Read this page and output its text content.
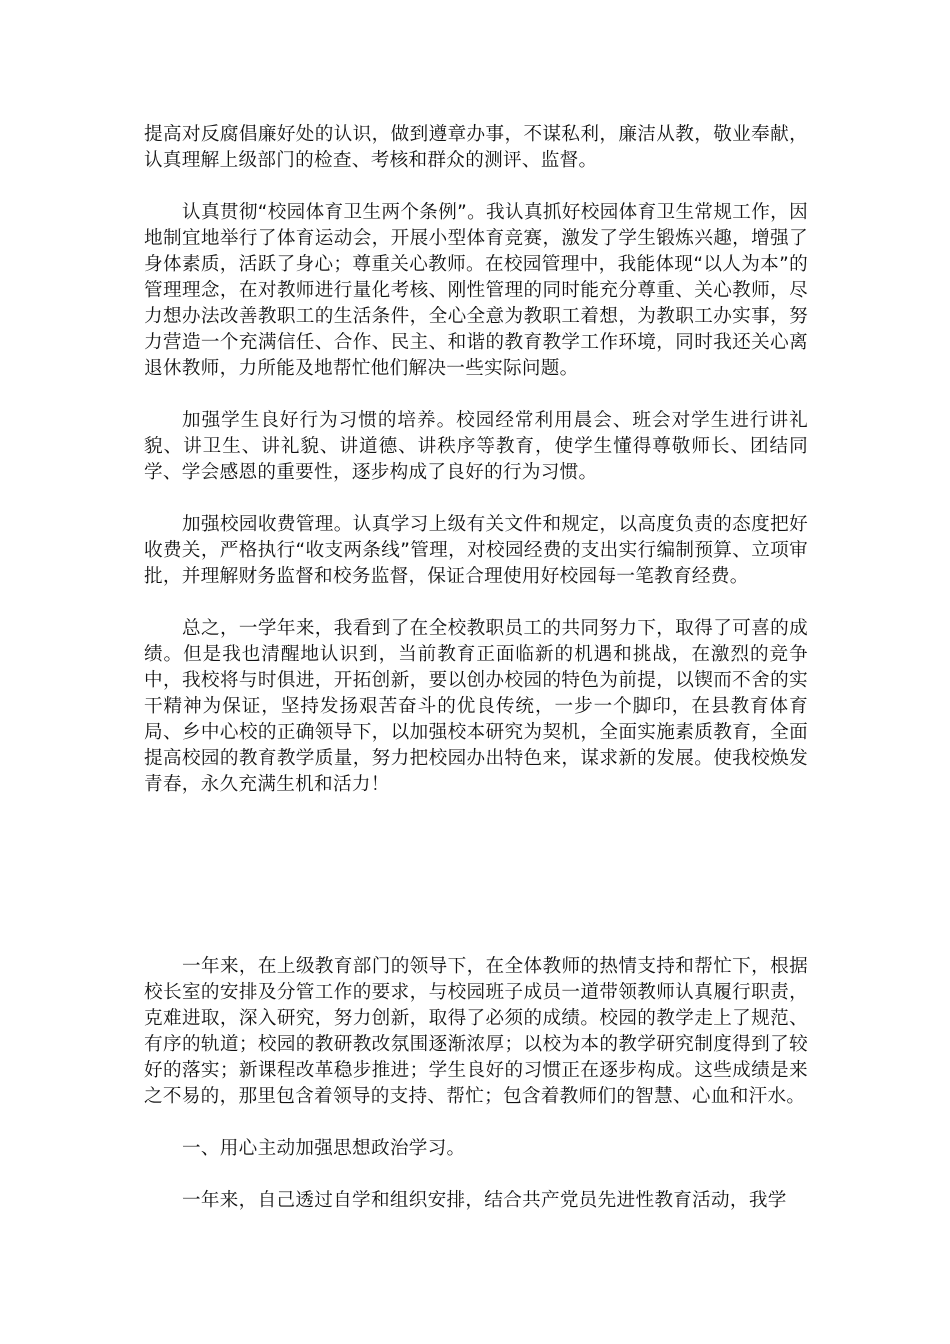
提高对反腐倡廉好处的认识，做到遵章办事，不谋私利，廉洁从教，敬业奉献，认真理解上级部门的检查、考核和群众的测评、监督。

认真贯彻“校园体育卫生两个条例”。我认真抓好校园体育卫生常规工作，因地制宜地举行了体育运动会，开展小型体育竞赛，激发了学生锻炼兴趣，增强了身体素质，活跃了身心；尊重关心教师。在校园管理中，我能体现“以人为本”的管理理念，在对教师进行量化考核、刚性管理的同时能充分尊重、关心教师，尽力想办法改善教职工的生活条件，全心全意为教职工着想，为教职工办实事，努力营造一个充满信任、合作、民主、和谐的教育教学工作环境，同时我还关心离退休教师，力所能及地帮忙他们解决一些实际问题。

加强学生良好行为习惯的培养。校园经常利用晨会、班会对学生进行讲礼貌、讲卫生、讲礼貌、讲道德、讲秩序等教育，使学生懂得尊敬师长、团结同学、学会感恩的重要性，逐步构成了良好的行为习惯。

加强校园收费管理。认真学习上级有关文件和规定，以高度负责的态度把好收费关，严格执行“收支两条线”管理，对校园经费的支出实行编制预算、立项审批，并理解财务监督和校务监督，保证合理使用好校园每一笔教育经费。

总之，一学年来，我看到了在全校教职员工的共同努力下，取得了可喜的成绩。但是我也清醒地认识到，当前教育正面临新的机遇和挑战，在激烈的竞争中，我校将与时俱进，开拓创新，要以创办校园的特色为前提，以锲而不舍的实干精神为保证，坚持发扬艰苦奋斗的优良传统，一步一个脚印，在县教育体育局、乡中心校的正确领导下，以加强校本研究为契机，全面实施素质教育，全面提高校园的教育教学质量，努力把校园办出特色来，谋求新的发展。使我校焕发青春，永久充满生机和活力！

一年来，在上级教育部门的领导下，在全体教师的热情支持和帮忙下，根据校长室的安排及分管工作的要求，与校园班子成员一道带领教师认真履行职责，克难进取，深入研究，努力创新，取得了必须的成绩。校园的教学走上了规范、有序的轨道；校园的教研教改氛围逐渐浓厚；以校为本的教学研究制度得到了较好的落实；新课程改革稳步推进；学生良好的习惯正在逐步构成。这些成绩是来之不易的，那里包含着领导的支持、帮忙；包含着教师们的智慧、心血和汗水。

一、用心主动加强思想政治学习。

一年来，自己透过自学和组织安排，结合共产党员先进性教育活动，我学
